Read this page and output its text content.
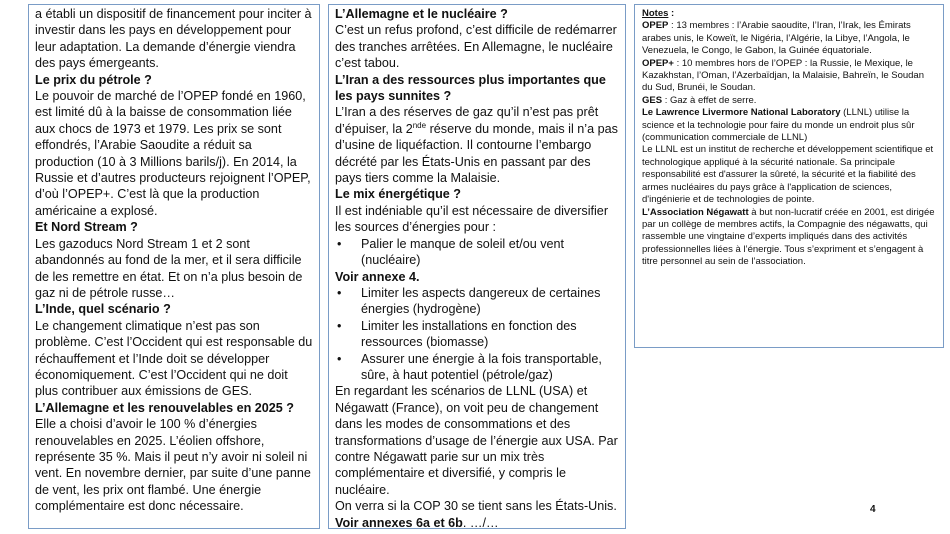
a établi un dispositif de financement pour inciter à investir dans les pays en développement pour leur adaptation. La demande d’énergie viendra des pays émergeants.

Le prix du pétrole ?

Le pouvoir de marché de l’OPEP fondé en 1960, est limité dû à la baisse de consommation liée aux chocs de 1973 et 1979. Les prix se sont effondrés, l’Arabie Saoudite a réduit sa production (10 à 3 Millions barils/j). En 2014, la Russie et d’autres producteurs rejoignent l’OPEP, d’où l’OPEP+. C’est là que la production américaine a explosé.

Et Nord Stream ?

Les gazoducs Nord Stream 1 et 2 sont abandonnés au fond de la mer, et il sera difficile de les remettre en état. Et on n’a plus besoin de gaz ni de pétrole russe…

L’Inde, quel scénario ?

Le changement climatique n’est pas son problème. C’est l’Occident qui est responsable du réchauffement et l’Inde doit se développer économiquement. C’est l’Occident qui ne doit plus contribuer aux émissions de GES.

L’Allemagne et les renouvelables en 2025 ?

Elle a choisi d’avoir le 100 % d’énergies renouvelables en 2025. L’éolien offshore, représente 35 %. Mais il peut n’y avoir ni soleil ni vent. En novembre dernier, par suite d’une panne de vent, les prix ont flambé. Une énergie complémentaire est donc nécessaire.

L’Allemagne et le nucléaire ?

C’est un refus profond, c’est difficile de redémarrer des tranches arrêtées. En Allemagne, le nucléaire c’est tabou.

L’Iran a des ressources plus importantes que les pays sunnites ?

L’Iran a des réserves de gaz qu’il n’est pas prêt d’épuiser, la 2nde réserve du monde, mais il n’a pas d’usine de liquéfaction. Il contourne l’embargo décrété par les États-Unis en passant par des pays tiers comme la Malaisie.

Le mix énergétique ?

Il est indéniable qu’il est nécessaire de diversifier les sources d’énergies pour :

• Palier le manque de soleil et/ou vent (nucléaire)

Voir annexe 4.

• Limiter les aspects dangereux de certaines énergies (hydrogène)
• Limiter les installations en fonction des ressources (biomasse)
• Assurer une énergie à la fois transportable, sûre, à haut potentiel (pétrole/gaz)

En regardant les scénarios de LLNL (USA) et Négawatt (France), on voit peu de changement dans les modes de consommations et des transformations d’usage de l’énergie aux USA. Par contre Négawatt parie sur un mix très complémentaire et diversifié, y compris le nucléaire.

On verra si la COP 30 se tient sans les États-Unis.

Voir annexes 6a et 6b. …/…

Notes :

OPEP : 13 membres : l’Arabie saoudite, l’Iran, l’Irak, les Émirats arabes unis, le Koweït, le Nigéria, l’Algérie, la Libye, l’Angola, le Venezuela, le Congo, le Gabon, la Guinée équatoriale.

OPEP+ : 10 membres hors de l’OPEP : la Russie, le Mexique, le Kazakhstan, l’Oman, l’Azerbaïdjan, la Malaisie, Bahreïn, le Soudan du Sud, Brunéi, le Soudan.

GES : Gaz à effet de serre.

Le Lawrence Livermore National Laboratory (LLNL) utilise la science et la technologie pour faire du monde un endroit plus sûr (communication commerciale de LLNL)

Le LLNL est un institut de recherche et développement scientifique et technologique appliqué à la sécurité nationale. Sa principale responsabilité est d'assurer la sûreté, la sécurité et la fiabilité des armes nucléaires du pays grâce à l'application de sciences, d'ingénierie et de technologies de pointe.

L’Association Négawatt à but non-lucratif créée en 2001, est dirigée par un collège de membres actifs, la Compagnie des négawatts, qui rassemble une vingtaine d’experts impliqués dans des activités professionnelles liées à l’énergie. Tous s’expriment et s’engagent à titre personnel au sein de l’association.

4
